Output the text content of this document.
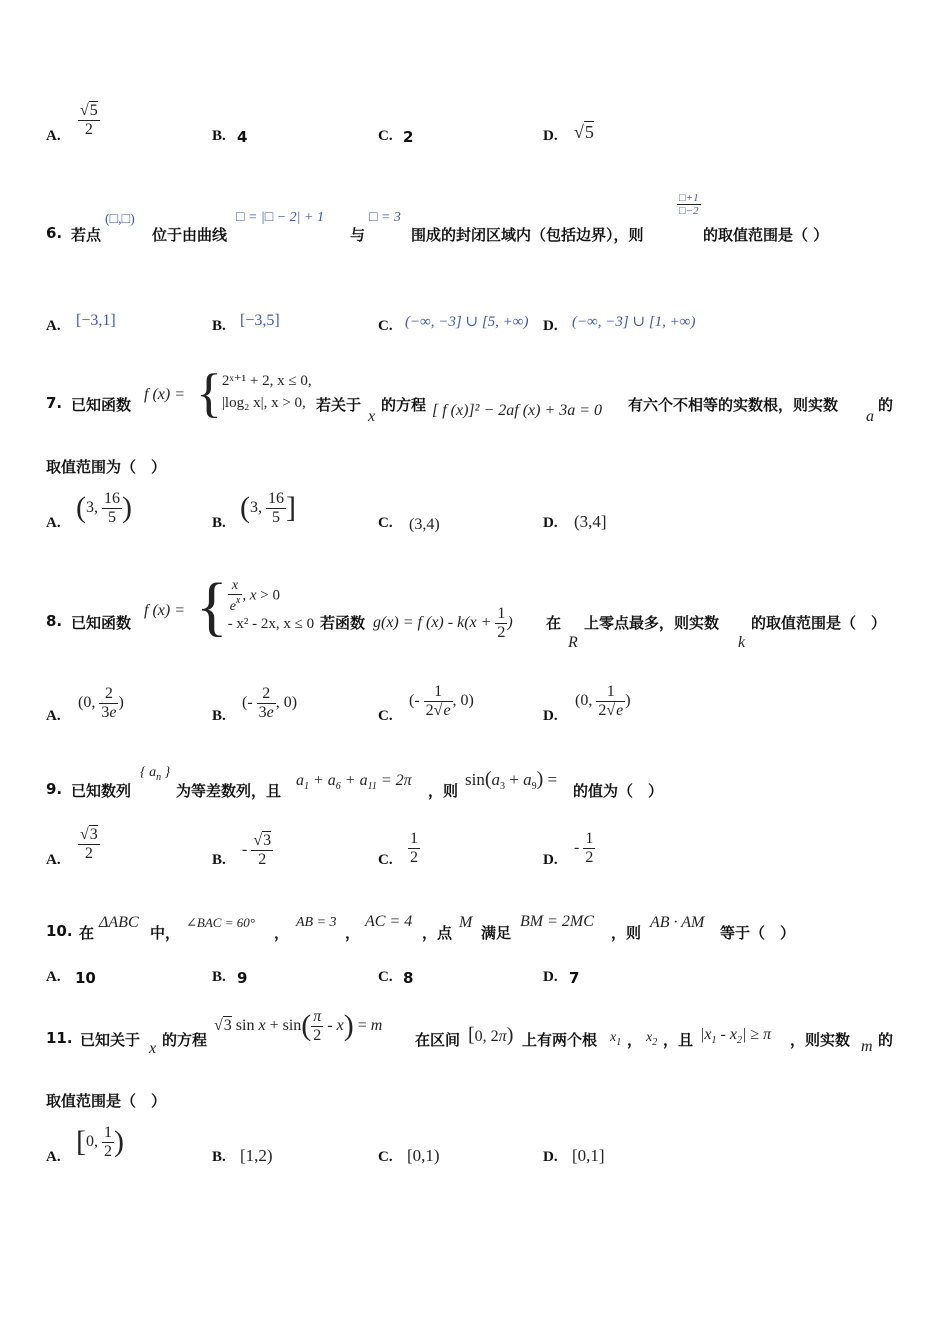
A. $\frac{√5}{2}$	B. 4	C. 2	D. √5
6. 若点
(□,□)
位于由曲线
□ = |□ − 2| + 1
与
□ = 3
围成的封闭区域内（包括边界），则
$\frac{□+1}{□-2}$
的取值范围是（ ）
A. [−3,1]	B. [−3,5]	C. (−∞, −3] ∪ [5, +∞) D. (−∞, −3] ∪ [1, +∞)
7. 已知函数
f (x) = { 2ˣ⁺¹ + 2, x ≤ 0,
|log₂ x|, x > 0, 若关于
x
的方程 [ f (x)]² − 2af (x) + 3a = 0 有六个不相等的实数根，则实数
a
的
取值范围为（　）
A. (3, $\frac{16}{5}$ )	B. (3, $\frac{16}{5}$ ]	C. (3,4)	D. (3,4]
8. 已知函数
f (x) = { $\frac{x}{e^x}$ , x > 0
- x² - 2x, x ≤ 0 若函数 g(x) = f $(x) - k(x + \frac{1}{2}$ ) 在
R
上零点最多，则实数
k
的取值范围是（　）
A.
(0, $\frac{2}{3e}$ )
B.
(- $\frac{2}{3e}$ , 0)
C.
(- $\frac{1}{2√e}$ , 0)
D.
(0, $\frac{1}{2√e}$ )
9. 已知数列
{ $a_n$ }
为等差数列，且
$a_1 + a_6 + a_{11} = 2\pi$
，则
$\sin(a_3 + a_9)$ =
的值为（　）
A. $\frac{√3}{2}$	B.
- $\frac{√3}{2}$	C. $\frac{1}{2}$	D.
- $\frac{1}{2}$
10. 在
ΔABC
中，
∠BAC = 60°
，
AB = 3
，
AC = 4
，点
M
满足
BM = 2MC
，则
AB · AM
等于（　）
A. 10	B. 9	C. 8	D. 7
11. 已知关于 x 的方程
√3 $\sin x + \sin( \frac{\pi}{2} - x) = m$
在区间 [0, 2π) 上有两个根 $x_1$ ， $x_2$ ，且 $|x_1 - x_2| \ge \pi$ ，则实数 m 的
取值范围是（　）
A. [0, $\frac{1}{2}$ )	B. [1,2)	C. [0,1)	D. [0,1]
